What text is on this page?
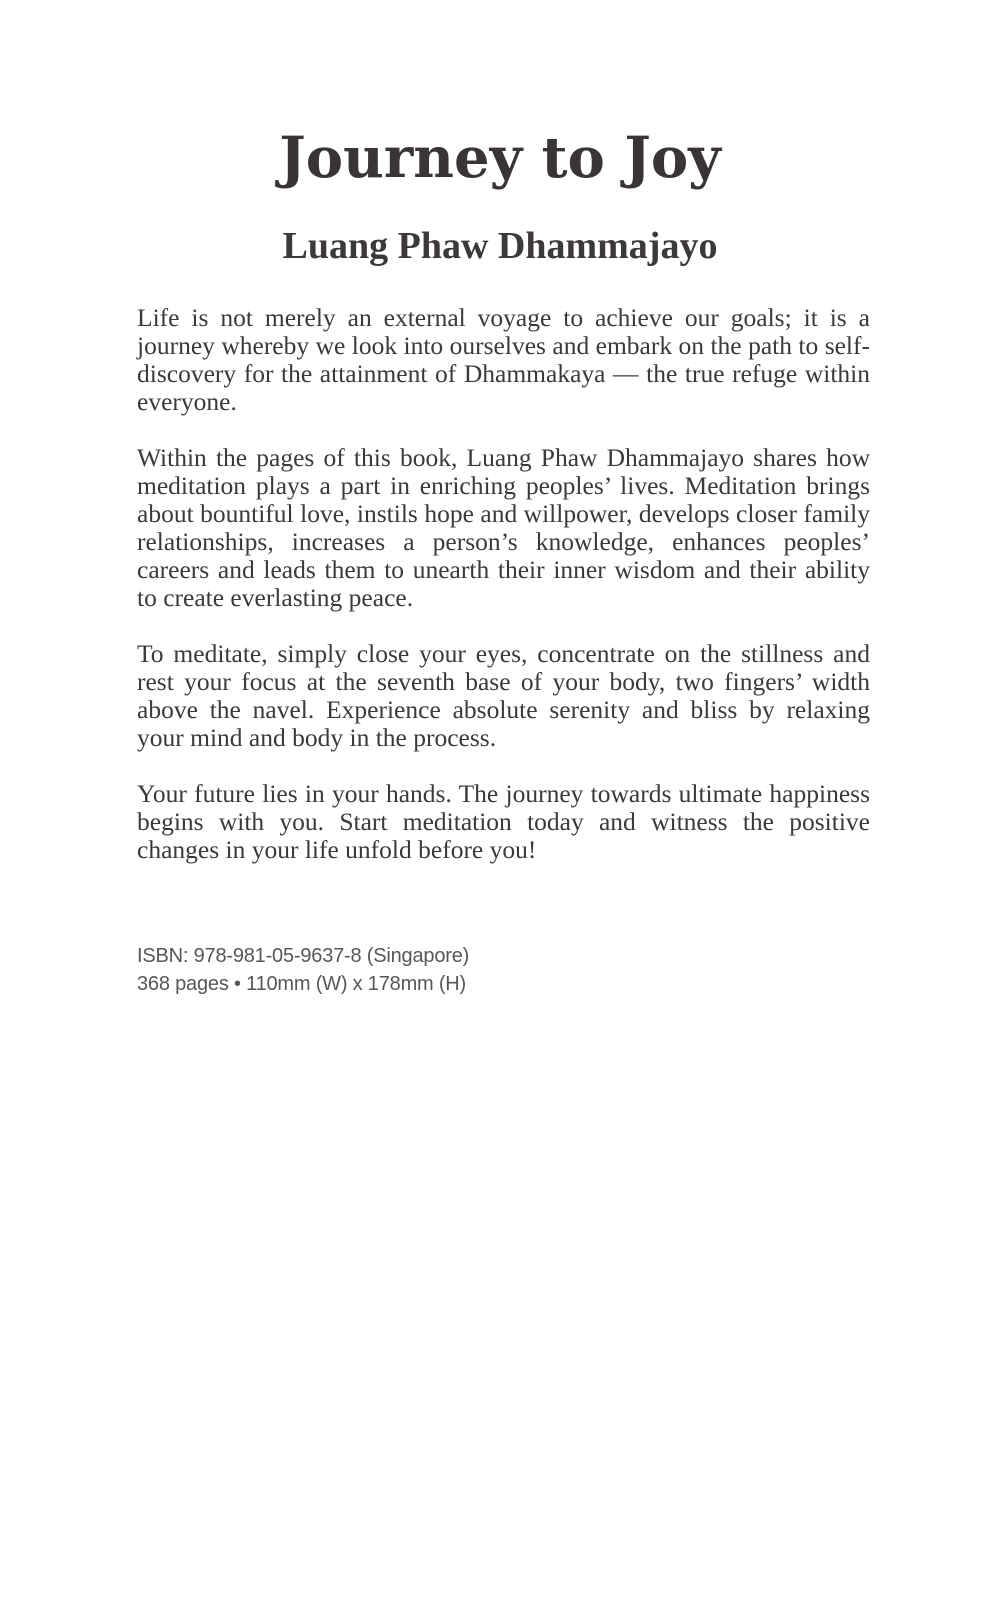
Journey to Joy
Luang Phaw Dhammajayo

Life is not merely an external voyage to achieve our goals; it is a journey whereby we look into ourselves and embark on the path to self-discovery for the attainment of Dhammakaya — the true refuge within everyone.

Within the pages of this book, Luang Phaw Dhammajayo shares how meditation plays a part in enriching peoples’ lives. Meditation brings about bountiful love, instils hope and willpower, develops closer family relationships, increases a person’s knowledge, enhances peoples’ careers and leads them to unearth their inner wisdom and their ability to create everlasting peace.

To meditate, simply close your eyes, concentrate on the stillness and rest your focus at the seventh base of your body, two fingers’ width above the navel. Experience absolute serenity and bliss by relaxing your mind and body in the process.

Your future lies in your hands. The journey towards ultimate happiness begins with you. Start meditation today and witness the positive changes in your life unfold before you!

ISBN: 978-981-05-9637-8 (Singapore)
368 pages • 110mm (W) x 178mm (H)
